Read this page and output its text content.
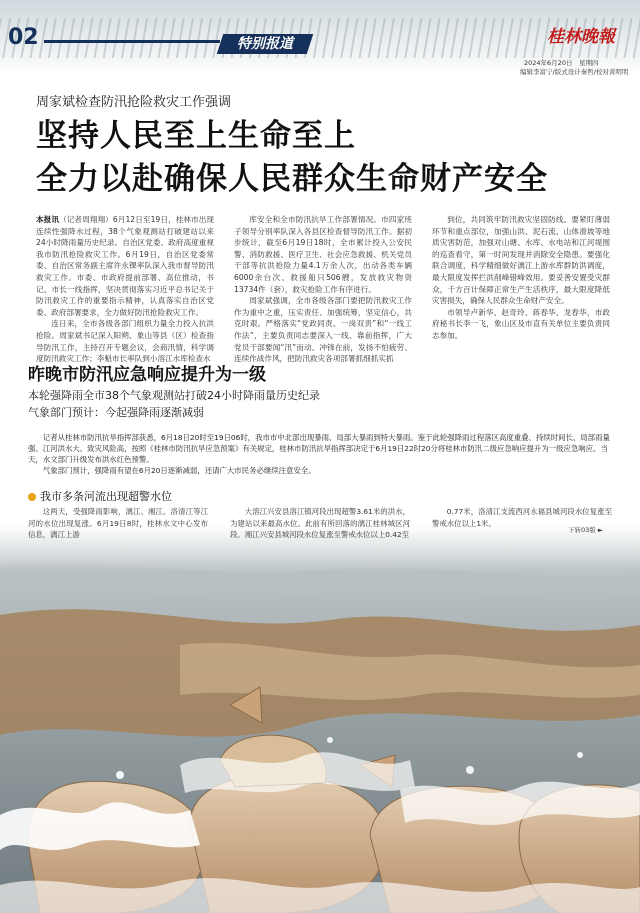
02	特别报道	桂林晚報
2024年6月20日　星期四
编辑李富宁/版式设计秦哲/校对黄明明
周家斌检查防汛抢险救灾工作强调
坚持人民至上生命至上
全力以赴确保人民群众生命财产安全

本报讯（记者周翔翔）6月12日至19日，桂林市出现连续性强降水过程，38个气象观测站打破建站以来24小时降雨量历史纪录。自治区党委、政府高度重视我市防汛抢险救灾工作。6月19日，自治区党委常委、自治区常务副主席许永锞率队深入我市督导防汛救灾工作。市委、市政府提前部署、高位推动，书记、市长一线指挥，坚决贯彻落实习近平总书记关于防汛救灾工作的重要指示精神，认真落实自治区党委、政府部署要求，全力做好防汛抢险救灾工作。

连日来，全市各级各部门组织力量全力投入抗洪抢险。周家斌书记深入阳朔、象山等县（区）检查指导防汛工作，主持召开专题会议，会商汛情，科学调度防汛救灾工作；李魁市长率队到小溶江水库检查水

库安全和全市防汛抗旱工作部署情况。市四家班子领导分别率队深入各县区检查督导防汛工作。据初步统计，截至6月19日18时，全市累计投入公安民警、消防救援、医疗卫生、社会应急救援、机关党员干部等抗洪抢险力量4.1万余人次，出动各类车辆6000余台次、救援船只506艘，发放救灾物资13734件（套），救灾抢险工作有序进行。

周家斌强调，全市各级各部门要把防汛救灾工作作为重中之重，压实责任、加强统筹，坚定信心，共克时艰。严格落实“党政同责、一岗双责”和“一线工作法”，主要负责同志要深入一线、靠前指挥，广大党员干部要闻“汛”而动、冲锋在前，发扬不怕疲劳、连续作战作风，把防汛救灾各项部署抓细抓实抓

到位，共同筑牢防汛救灾坚固防线。要紧盯薄弱环节和重点部位，加强山洪、泥石流、山体滑坡等地质灾害防范，加强对山塘、水库、水电站和江河堤围的巡查看守，第一时间发现并消除安全隐患。要强化联合调度，科学精细做好漓江上游水库群防洪调度，最大限度发挥拦洪削峰错峰效用。要妥善安置受灾群众，千方百计保障正常生产生活秩序，最大限度降低灾害损失，确保人民群众生命财产安全。

市领导卢新华、赵奇玲、蒋春华、龙春华，市政府秘书长李一飞，象山区及市直有关单位主要负责同志参加。

昨晚市防汛应急响应提升为一级
本轮强降雨全市38个气象观测站打破24小时降雨量历史纪录
气象部门预计：今起强降雨逐渐减弱

记者从桂林市防汛抗旱指挥部获悉，6月18日20时至19日06时，我市市中北部出现暴雨、局部大暴雨到特大暴雨。鉴于此轮强降雨过程落区高度重叠、持续时间长、局部雨量强、江河洪水大、致灾风险高，按照《桂林市防汛抗旱应急预案》有关规定，桂林市防汛抗旱指挥部决定于6月19日22时20分将桂林市防汛二级应急响应提升为一级应急响应。当天，水文部门升级发布洪水红色预警。

气象部门预计，强降雨有望在6月20日逐渐减弱，还请广大市民务必继续注意安全。

我市多条河流出现超警水位

这两天，受强降雨影响，漓江、湘江、洛清江等江河的水位出现复涨。6月19日8时，桂林水文中心发布信息，漓江上游

大溶江兴安县溶江镇河段出现超警3.61米的洪水，为建站以来最高水位。此前有所回落的漓江桂林城区河段、湘江兴安县城河段水位复涨至警戒水位以上0.42至

0.77米，洛清江支流西河永福县城河段水位复涨至警戒水位以上1米。

下转03版 ►
